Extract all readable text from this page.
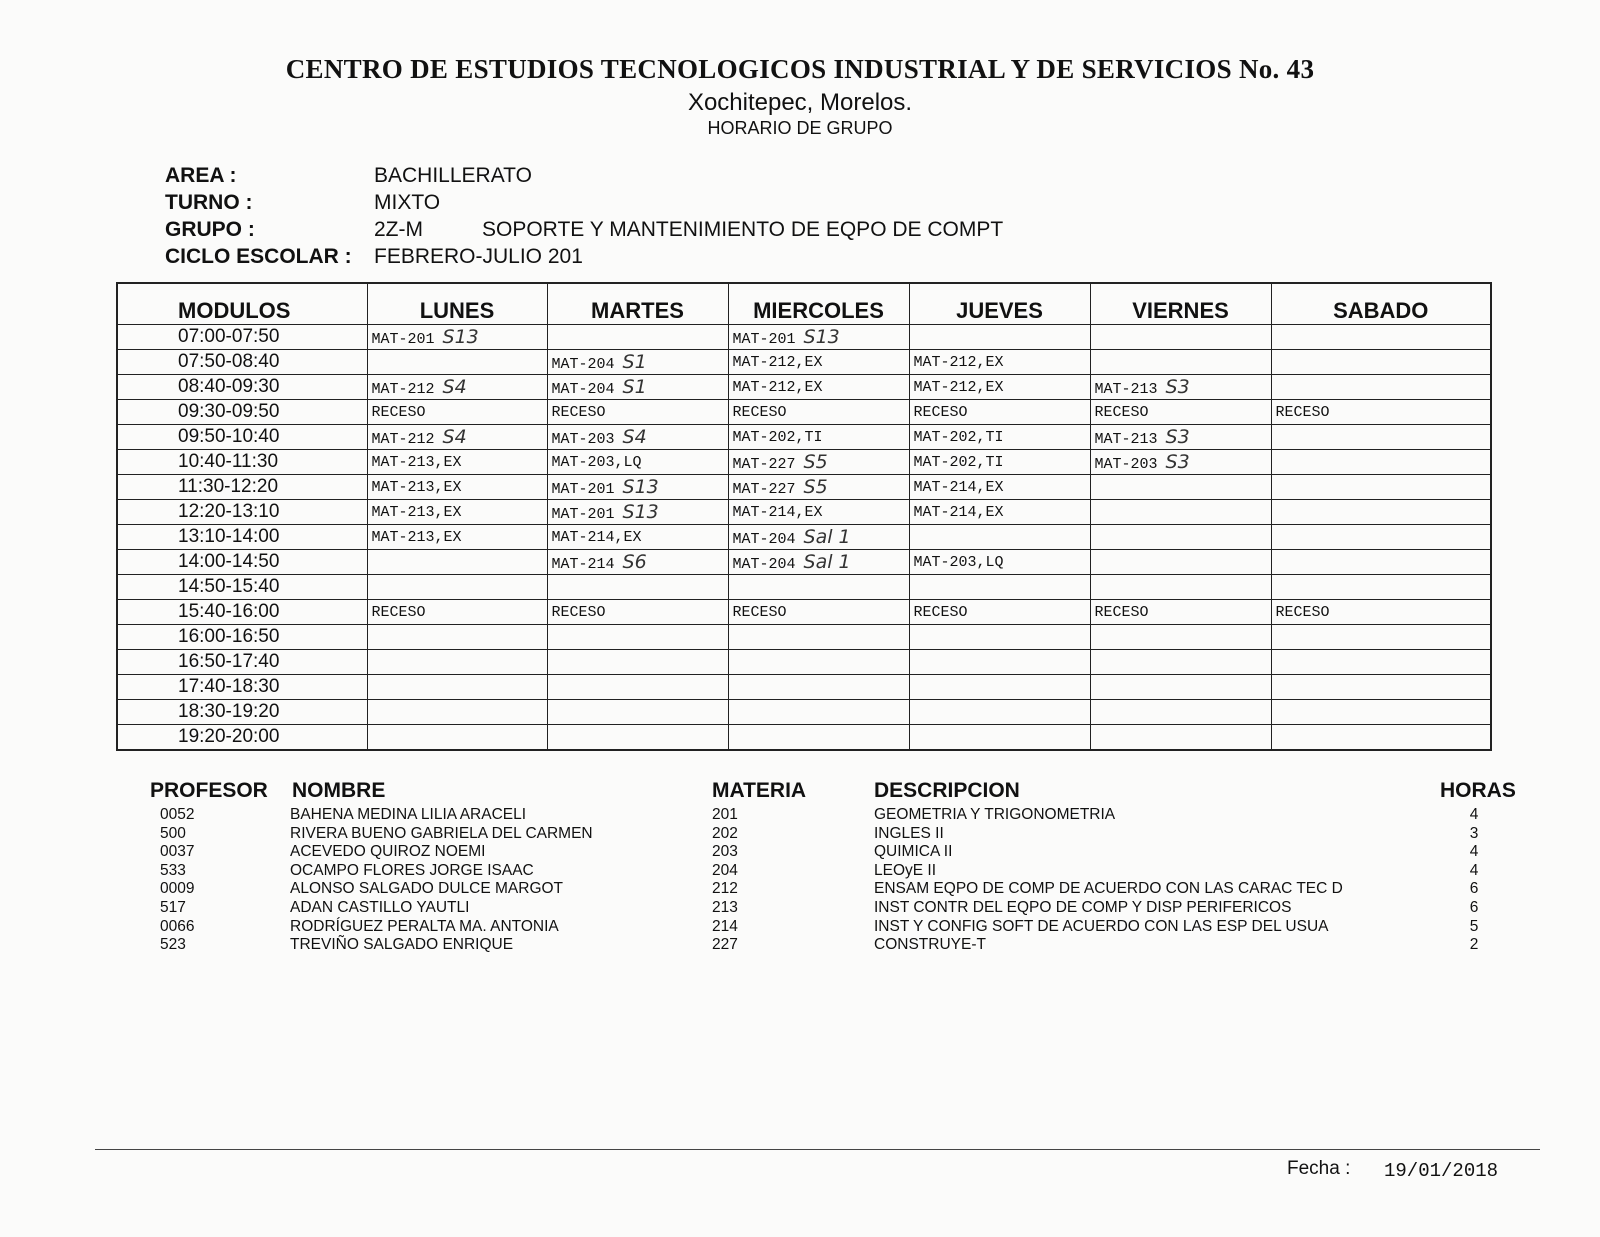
CENTRO DE ESTUDIOS TECNOLOGICOS INDUSTRIAL Y DE SERVICIOS No. 43
Xochitepec, Morelos.
HORARIO DE GRUPO
AREA :	BACHILLERATO
TURNO :	MIXTO
GRUPO :	2Z-M	SOPORTE Y MANTENIMIENTO DE EQPO DE COMPT
CICLO ESCOLAR : FEBRERO-JULIO 201
MODULOS	LUNES	MARTES	MIERCOLES	JUEVES	VIERNES	SABADO
07:00-07:50	MAT-201 S13		MAT-201 S13			
07:50-08:40		MAT-204 S1	MAT-212,EX	MAT-212,EX		
08:40-09:30	MAT-212 S4	MAT-204 S1	MAT-212,EX	MAT-212,EX	MAT-213 S3	
09:30-09:50	RECESO	RECESO	RECESO	RECESO	RECESO	RECESO
09:50-10:40	MAT-212 S4	MAT-203 S4	MAT-202,TI	MAT-202,TI	MAT-213 S3	
10:40-11:30	MAT-213,EX	MAT-203,LQ	MAT-227 S5	MAT-202,TI	MAT-203 S3	
11:30-12:20	MAT-213,EX	MAT-201 S13	MAT-227 S5	MAT-214,EX		
12:20-13:10	MAT-213,EX	MAT-201 S13	MAT-214,EX	MAT-214,EX		
13:10-14:00	MAT-213,EX	MAT-214,EX	MAT-204 Sal 1			
14:00-14:50		MAT-214 S6	MAT-204 Sal 1	MAT-203,LQ		
14:50-15:40						
15:40-16:00	RECESO	RECESO	RECESO	RECESO	RECESO	RECESO
16:00-16:50						
16:50-17:40						
17:40-18:30						
18:30-19:20						
19:20-20:00						
PROFESOR NOMBRE	MATERIA	DESCRIPCION	HORAS
0052	BAHENA MEDINA LILIA ARACELI	201	GEOMETRIA Y TRIGONOMETRIA	4
500	RIVERA BUENO GABRIELA DEL CARMEN	202	INGLES II	3
0037	ACEVEDO QUIROZ NOEMI	203	QUIMICA II	4
533	OCAMPO FLORES JORGE ISAAC	204	LEOyE II	4
0009	ALONSO SALGADO DULCE MARGOT	212	ENSAM EQPO DE COMP DE ACUERDO CON LAS CARAC TEC D	6
517	ADAN CASTILLO YAUTLI	213	INST CONTR DEL EQPO DE COMP Y DISP PERIFERICOS	6
0066	RODRÍGUEZ PERALTA MA. ANTONIA	214	INST Y CONFIG SOFT DE ACUERDO CON LAS ESP DEL USUA	5
523	TREVIÑO SALGADO ENRIQUE	227	CONSTRUYE-T	2
Fecha : 19/01/2018
